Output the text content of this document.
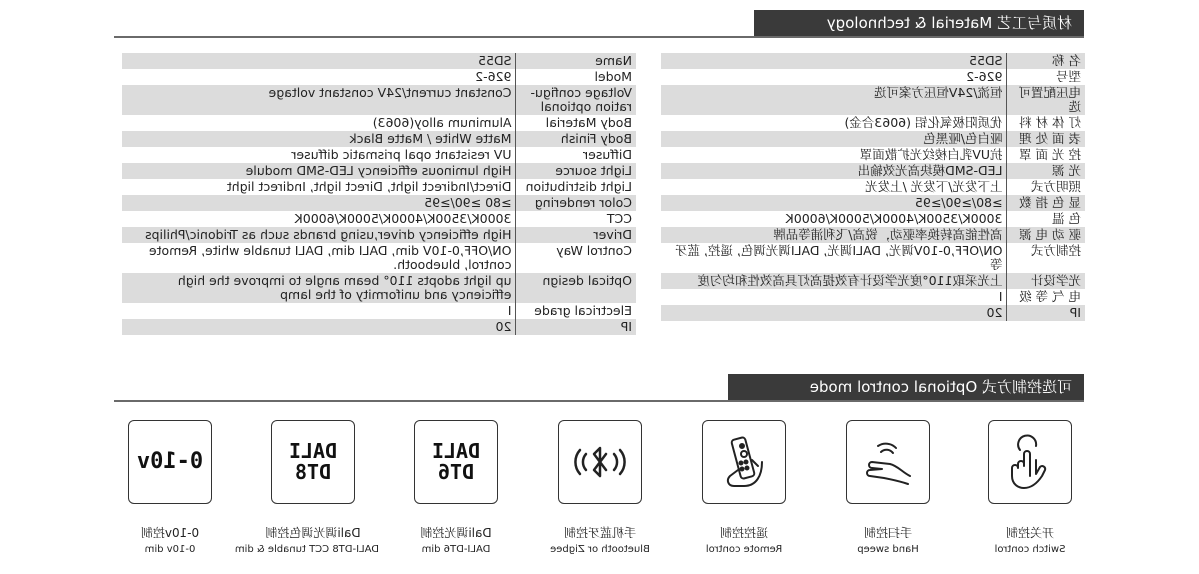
材质与工艺 Material & technology
名 称	SD55
型号	926-2
电压配置可选	恒流/24V恒压方案可选
灯 体 材 料	优质阳极氧化铝 (6063合金)
表 面 处 理	哑白色/哑黑色
控 光 面 罩	抗UV乳白棱纹光扩散面罩
光 源	LED-SMD模块高光效输出
照明方式	上下发光/下发光 /上发光
显 色 指 数	≥80/≥90/≥95
色 温	3000K/3500K/4000K/5000K/6000K
驱 动 电 源	高性能高转换率驱动，锐高/飞利浦等品牌
控制方式	ON/OFF,0-10V调光, DALI调光, DALI调光调色, 遥控, 蓝牙等
光学设计	上光采取110°度光学设计有效提高灯具高效性和均匀度
电 气 等 级	I
IP	20
Name	SD55
Model	926-2
Voltage configu-ration optional	Constant current/24V constant voltage
Body Material	Aluminum alloy(6063)
Body Finish	Matte White / Matte Black
Diffuser	UV resistant opal prismatic diffuser
Light source	High luminous efficiency LED-SMD module
Light distribution	Direct/Indirect light, Direct light, Indirect light
Color rendering	≥80 ≥90/≥95
CCT	3000K/3500K/4000K/5000K/6000K
Driver	High efficiency driver,using brands such as Tridonic/Philips
Control Way	ON/OFF,0-10V dim, DALI dim, DALI tunable white, Remote control, bluebooth.
Optical design	up light adopts 110° beam angle to improve the high efficiency and uniformity of the lamp
Electrical grade	I
IP	20
可选控制方式 Optional control mode
开关控制
Switch control
手扫控制
Hand sweep
遥控控制
Remote control
手机蓝牙控制
Bluetooth or Zigbee
DALI DT6
Dali调光控制
DALI-DT6 dim
DALI DT8
Dali调光调色控制
DALI-DT8 CCT tunable & dim
0-10v
0-10v控制
0-10v dim
